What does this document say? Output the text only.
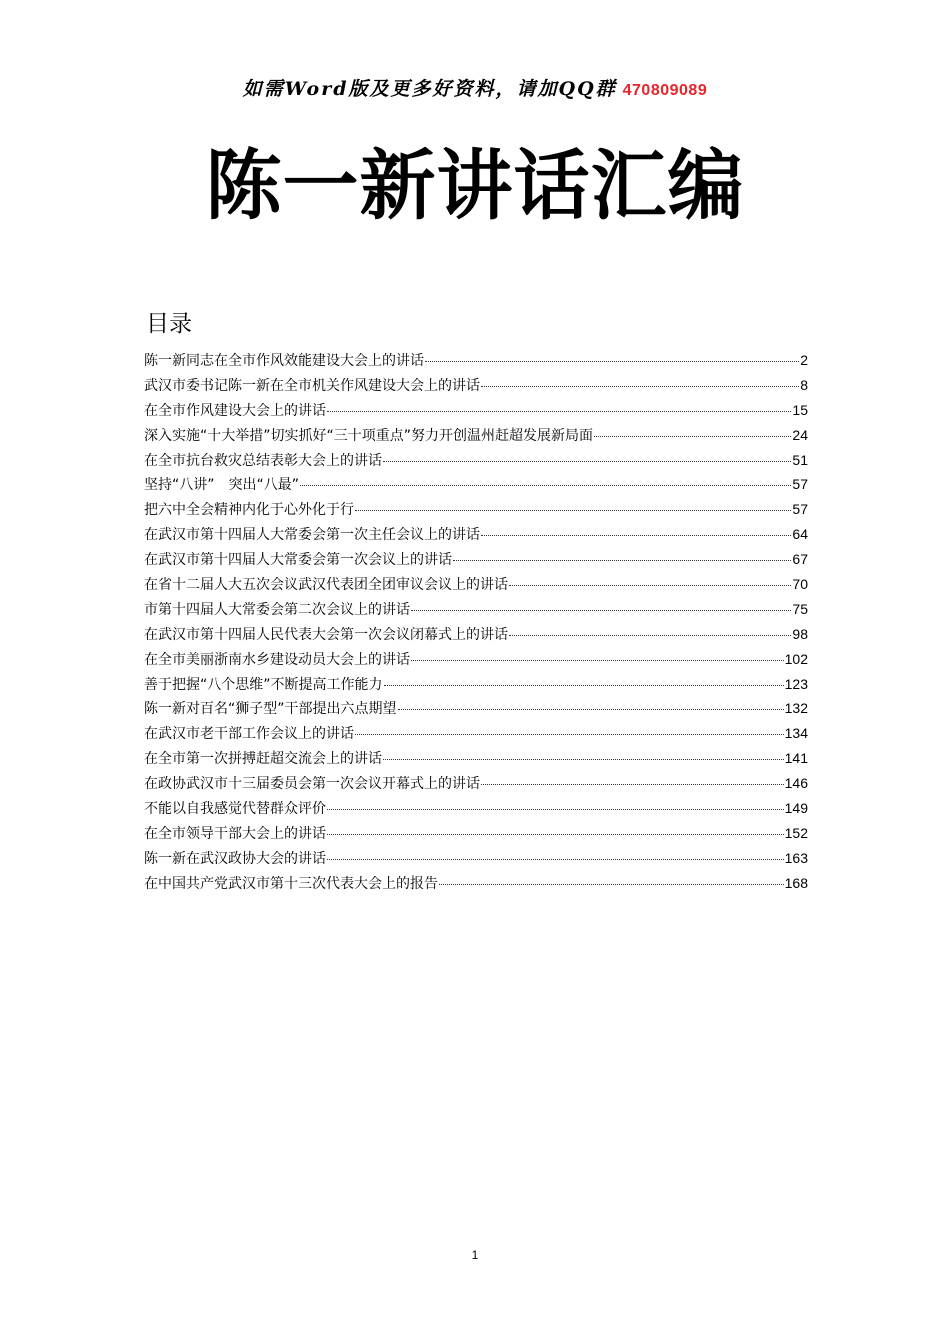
如需Word版及更多好资料，请加QQ群 470809089
陈一新讲话汇编
目录
陈一新同志在全市作风效能建设大会上的讲话	2
武汉市委书记陈一新在全市机关作风建设大会上的讲话	8
在全市作风建设大会上的讲话	15
深入实施“十大举措”切实抓好“三十项重点”努力开创温州赶超发展新局面	24
在全市抗台救灾总结表彰大会上的讲话	51
坚持“八讲”　突出“八最”	57
把六中全会精神内化于心外化于行	57
在武汉市第十四届人大常委会第一次主任会议上的讲话	64
在武汉市第十四届人大常委会第一次会议上的讲话	67
在省十二届人大五次会议武汉代表团全团审议会议上的讲话	70
市第十四届人大常委会第二次会议上的讲话	75
在武汉市第十四届人民代表大会第一次会议闭幕式上的讲话	98
在全市美丽浙南水乡建设动员大会上的讲话	102
善于把握“八个思维”不断提高工作能力	123
陈一新对百名“狮子型”干部提出六点期望	132
在武汉市老干部工作会议上的讲话	134
在全市第一次拼搏赶超交流会上的讲话	141
在政协武汉市十三届委员会第一次会议开幕式上的讲话	146
不能以自我感觉代替群众评价	149
在全市领导干部大会上的讲话	152
陈一新在武汉政协大会的讲话	163
在中国共产党武汉市第十三次代表大会上的报告	168
1
